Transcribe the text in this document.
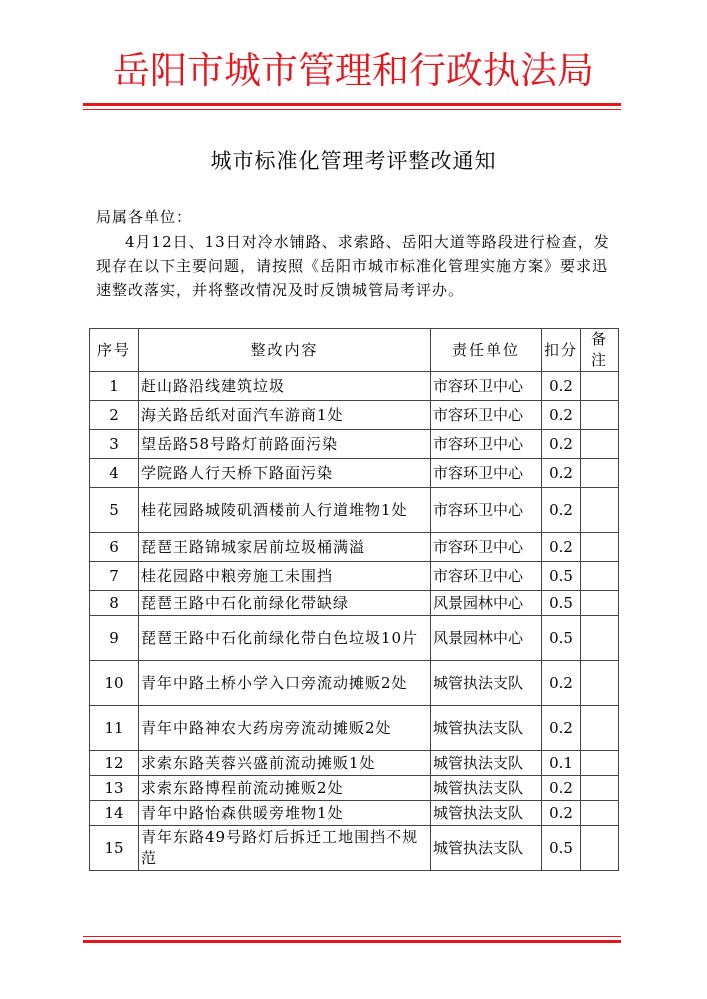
岳阳市城市管理和行政执法局
城市标准化管理考评整改通知
局属各单位：
4月12日、13日对冷水铺路、求索路、岳阳大道等路段进行检查，发现存在以下主要问题，请按照《岳阳市城市标准化管理实施方案》要求迅速整改落实，并将整改情况及时反馈城管局考评办。
序号	整改内容	责任单位	扣分	备注
1	赶山路沿线建筑垃圾	市容环卫中心	0.2	
2	海关路岳纸对面汽车游商1处	市容环卫中心	0.2	
3	望岳路58号路灯前路面污染	市容环卫中心	0.2	
4	学院路人行天桥下路面污染	市容环卫中心	0.2	
5	桂花园路城陵矶酒楼前人行道堆物1处	市容环卫中心	0.2	
6	琵琶王路锦城家居前垃圾桶满溢	市容环卫中心	0.2	
7	桂花园路中粮旁施工未围挡	市容环卫中心	0.5	
8	琵琶王路中石化前绿化带缺绿	风景园林中心	0.5	
9	琵琶王路中石化前绿化带白色垃圾10片	风景园林中心	0.5	
10	青年中路土桥小学入口旁流动摊贩2处	城管执法支队	0.2	
11	青年中路神农大药房旁流动摊贩2处	城管执法支队	0.2	
12	求索东路芙蓉兴盛前流动摊贩1处	城管执法支队	0.1	
13	求索东路博程前流动摊贩2处	城管执法支队	0.2	
14	青年中路怡森供暖旁堆物1处	城管执法支队	0.2	
15	青年东路49号路灯后拆迁工地围挡不规范	城管执法支队	0.5	
